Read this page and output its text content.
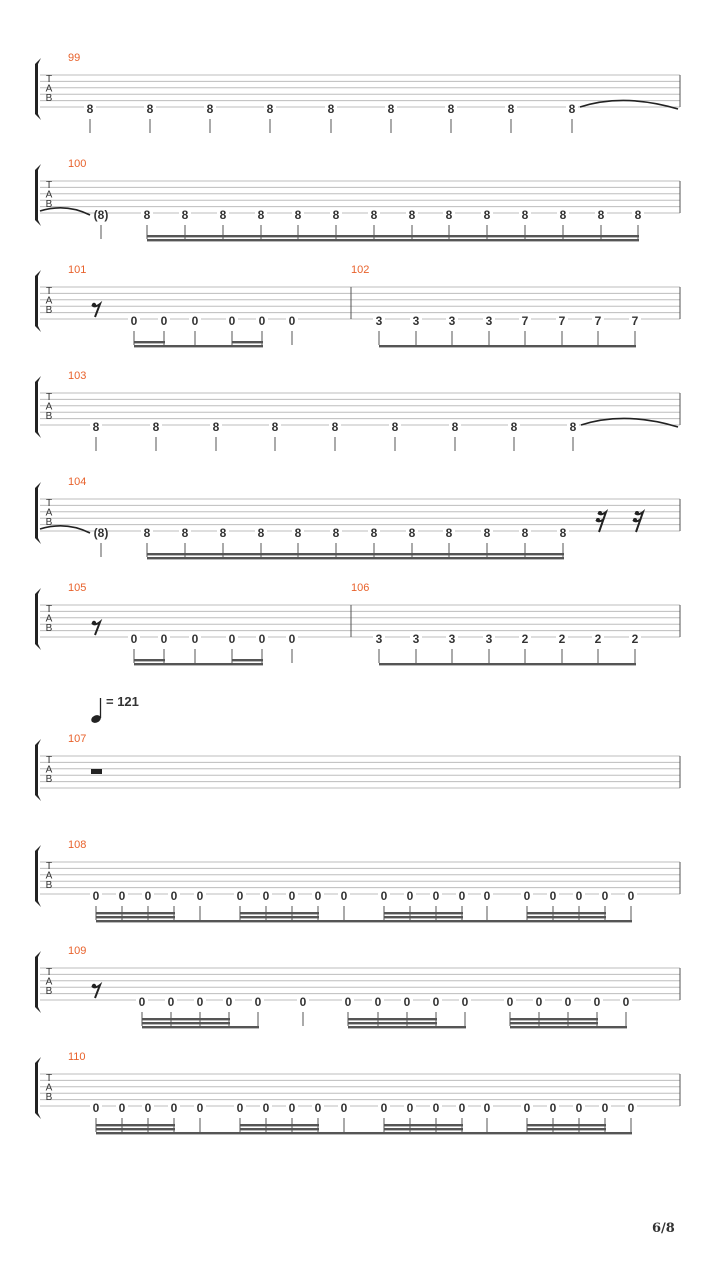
T A B
99
8	8	8	8	8	8	8	8	8
T A B
100
(8)	8	8	8	8	8	8	8	8	8	8	8	8	8	8
T A B
101
0 0 0	0 0 0
102
3	3 3	3 7	7 7	7
T A B
103
8	8	8	8	8	8	8	8	8
T A B
104
(8)	8	8	8	8	8	8	8	8	8	8	8	8
T A B
105
0 0 0	0 0 0
106
3	3 3	3 2	2 2	2
T A B
= 121
107
T A B
108
0 0 0 0 0	0 0 0 0 0	0 0 0 0 0	0 0 0 0 0
T A B
109
0 0 0 0 0	0	0 0 0 0 0	0 0 0 0 0
T A B
110
0 0 0 0 0	0 0 0 0 0	0 0 0 0 0	0 0 0 0 0
6/8
